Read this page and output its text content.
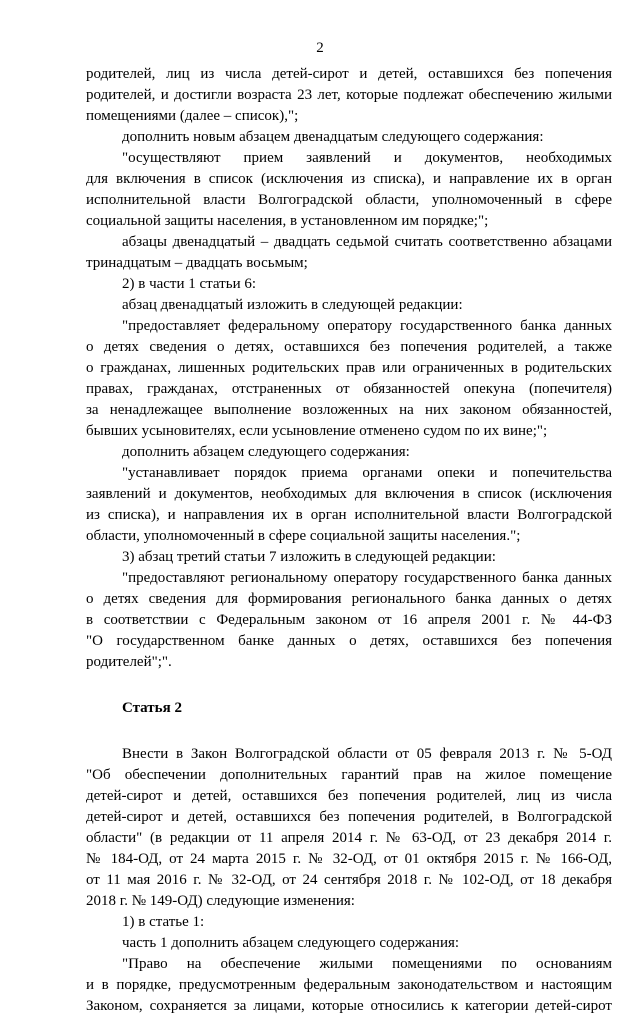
2
родителей, лиц из числа детей-сирот и детей, оставшихся без попечения
родителей, и достигли возраста 23 лет, которые подлежат обеспечению жилыми
помещениями (далее – список),";
дополнить новым абзацем двенадцатым следующего содержания:
"осуществляют прием заявлений и документов, необходимых
для включения в список (исключения из списка), и направление их в орган
исполнительной власти Волгоградской области, уполномоченный в сфере
социальной защиты населения, в установленном им порядке;";
абзацы двенадцатый – двадцать седьмой считать соответственно абзацами
тринадцатым – двадцать восьмым;
2) в части 1 статьи 6:
абзац двенадцатый изложить в следующей редакции:
"предоставляет федеральному оператору государственного банка данных
о детях сведения о детях, оставшихся без попечения родителей, а также
о гражданах, лишенных родительских прав или ограниченных в родительских
правах, гражданах, отстраненных от обязанностей опекуна (попечителя)
за ненадлежащее выполнение возложенных на них законом обязанностей,
бывших усыновителях, если усыновление отменено судом по их вине;";
дополнить абзацем следующего содержания:
"устанавливает порядок приема органами опеки и попечительства
заявлений и документов, необходимых для включения в список (исключения
из списка), и направления их в орган исполнительной власти Волгоградской
области, уполномоченный в сфере социальной защиты населения.";
3) абзац третий статьи 7 изложить в следующей редакции:
"предоставляют региональному оператору государственного банка данных
о детях сведения для формирования регионального банка данных о детях
в соответствии с Федеральным законом от 16 апреля 2001 г. № 44-ФЗ
"О государственном банке данных о детях, оставшихся без попечения
родителей";".
Статья 2
Внести в Закон Волгоградской области от 05 февраля 2013 г. № 5-ОД
"Об обеспечении дополнительных гарантий прав на жилое помещение
детей-сирот и детей, оставшихся без попечения родителей, лиц из числа
детей-сирот и детей, оставшихся без попечения родителей, в Волгоградской
области" (в редакции от 11 апреля 2014 г. № 63-ОД, от 23 декабря 2014 г.
№ 184-ОД, от 24 марта 2015 г. № 32-ОД, от 01 октября 2015 г. № 166-ОД,
от 11 мая 2016 г. № 32-ОД, от 24 сентября 2018 г. № 102-ОД, от 18 декабря
2018 г. № 149-ОД) следующие изменения:
1) в статье 1:
часть 1 дополнить абзацем следующего содержания:
"Право на обеспечение жилыми помещениями по основаниям
и в порядке, предусмотренным федеральным законодательством и настоящим
Законом, сохраняется за лицами, которые относились к категории детей-сирот
